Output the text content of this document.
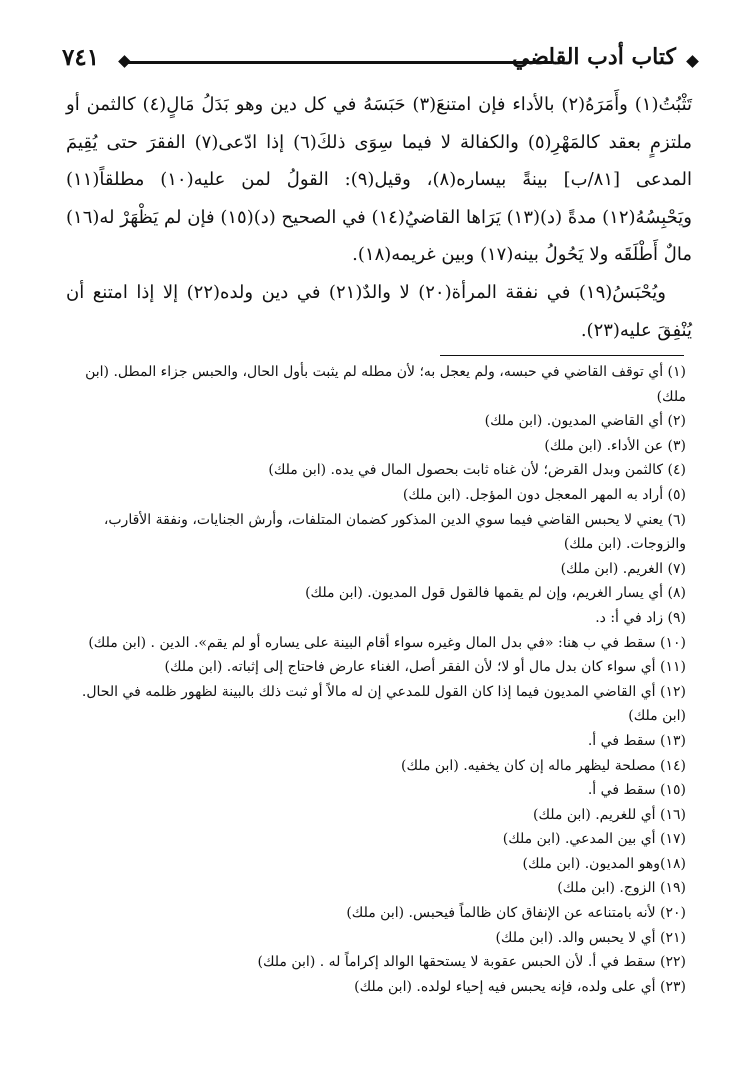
٧٤١	كتاب أدب القاضي

تَثْبُتُ(١) وأَمَرَهُ(٢) بالأداء فإن امتنعَ(٣) حَبَسَهُ في كل دين وهو بَدَلُ مَالٍ(٤) كالثمن أو ملتزمٍ بعقد كالمَهْرِ(٥) والكفالة لا فيما سِوَى ذلكَ(٦) إذا ادّعى(٧) الفقرَ حتى يُقِيمَ المدعى [٨١/ب] بينةً بيساره(٨)، وقيل(٩): القولُ لمن عليه(١٠) مطلقاً(١١) ويَحْبِسُهُ(١٢) مدةً (د)(١٣) يَرَاها القاضيُ(١٤) في الصحيح (د)(١٥) فإن لم يَظْهَرْ له(١٦) مالٌ أَطْلَقَه ولا يَحُولُ بينه(١٧) وبين غريمه(١٨).

ويُحْبَسُ(١٩) في نفقة المرأة(٢٠) لا والدٌ(٢١) في دين ولده(٢٢) إلا إذا امتنع أن يُنْفِقَ عليه(٢٣).

(١) أي توقف القاضي في حبسه، ولم يعجل به؛ لأن مطله لم يثبت بأول الحال، والحبس جزاء المطل. (ابن ملك)
(٢) أي القاضي المديون. (ابن ملك)
(٣) عن الأداء. (ابن ملك)
(٤) كالثمن وبدل القرض؛ لأن غناه ثابت بحصول المال في يده. (ابن ملك)
(٥) أراد به المهر المعجل دون المؤجل. (ابن ملك)
(٦) يعني لا يحبس القاضي فيما سوي الدين المذكور كضمان المتلفات، وأرش الجنايات، ونفقة الأقارب، والزوجات. (ابن ملك)
(٧) الغريم. (ابن ملك)
(٨) أي يسار الغريم، وإن لم يقمها فالقول قول المديون. (ابن ملك)
(٩) زاد في أ: د.
(١٠) سقط في ب هنا: «في بدل المال وغيره سواء أقام البينة على يساره أو لم يقم». الدين . (ابن ملك)
(١١) أي سواء كان بدل مال أو لا؛ لأن الفقر أصل، الغناء عارض فاحتاج إلى إثباته. (ابن ملك)
(١٢) أي القاضي المديون فيما إذا كان القول للمدعي إن له مالاً أو ثبت ذلك بالبينة لظهور ظلمه في الحال. (ابن ملك)
(١٣) سقط في أ.
(١٤) مصلحة ليظهر ماله إن كان يخفيه. (ابن ملك)
(١٥) سقط في أ.
(١٦) أي للغريم. (ابن ملك)
(١٧) أي بين المدعي. (ابن ملك)
(١٨)وهو المديون. (ابن ملك)
(١٩) الزوج. (ابن ملك)
(٢٠) لأنه بامتناعه عن الإنفاق كان ظالماً فيحبس. (ابن ملك)
(٢١) أي لا يحبس والد. (ابن ملك)
(٢٢) سقط في أ. لأن الحبس عقوبة لا يستحقها الوالد إكراماً له . (ابن ملك)
(٢٣) أي على ولده، فإنه يحبس فيه إحياء لولده. (ابن ملك)
